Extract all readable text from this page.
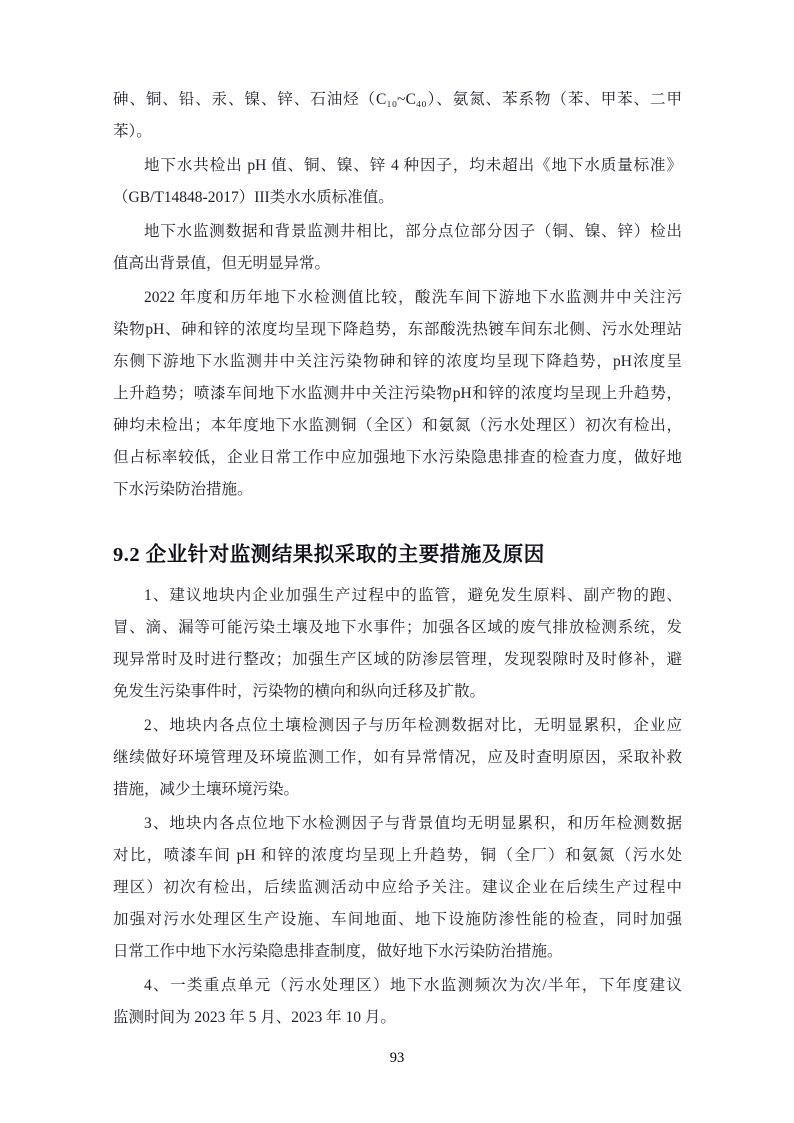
砷、铜、铅、汞、镍、锌、石油烃（C₁₀~C₄₀）、氨氮、苯系物（苯、甲苯、二甲
苯）。
地下水共检出 pH 值、铜、镍、锌 4 种因子，均未超出《地下水质量标准》
（GB/T14848-2017）III类水水质标准值。
地下水监测数据和背景监测井相比，部分点位部分因子（铜、镍、锌）检出
值高出背景值，但无明显异常。
2022 年度和历年地下水检测值比较，酸洗车间下游地下水监测井中关注污
染物pH、砷和锌的浓度均呈现下降趋势，东部酸洗热镀车间东北侧、污水处理站
东侧下游地下水监测井中关注污染物砷和锌的浓度均呈现下降趋势，pH浓度呈
上升趋势；喷漆车间地下水监测井中关注污染物pH和锌的浓度均呈现上升趋势，
砷均未检出；本年度地下水监测铜（全区）和氨氮（污水处理区）初次有检出，
但占标率较低，企业日常工作中应加强地下水污染隐患排查的检查力度，做好地
下水污染防治措施。
9.2 企业针对监测结果拟采取的主要措施及原因
1、建议地块内企业加强生产过程中的监管，避免发生原料、副产物的跑、
冒、滴、漏等可能污染土壤及地下水事件；加强各区域的废气排放检测系统，发
现异常时及时进行整改；加强生产区域的防渗层管理，发现裂隙时及时修补，避
免发生污染事件时，污染物的横向和纵向迁移及扩散。
2、地块内各点位土壤检测因子与历年检测数据对比，无明显累积，企业应
继续做好环境管理及环境监测工作，如有异常情况，应及时查明原因，采取补救
措施，减少土壤环境污染。
3、地块内各点位地下水检测因子与背景值均无明显累积，和历年检测数据
对比，喷漆车间 pH 和锌的浓度均呈现上升趋势，铜（全厂）和氨氮（污水处
理区）初次有检出，后续监测活动中应给予关注。建议企业在后续生产过程中
加强对污水处理区生产设施、车间地面、地下设施防渗性能的检查，同时加强
日常工作中地下水污染隐患排查制度，做好地下水污染防治措施。
4、一类重点单元（污水处理区）地下水监测频次为次/半年，下年度建议
监测时间为 2023 年 5 月、2023 年 10 月。
93
